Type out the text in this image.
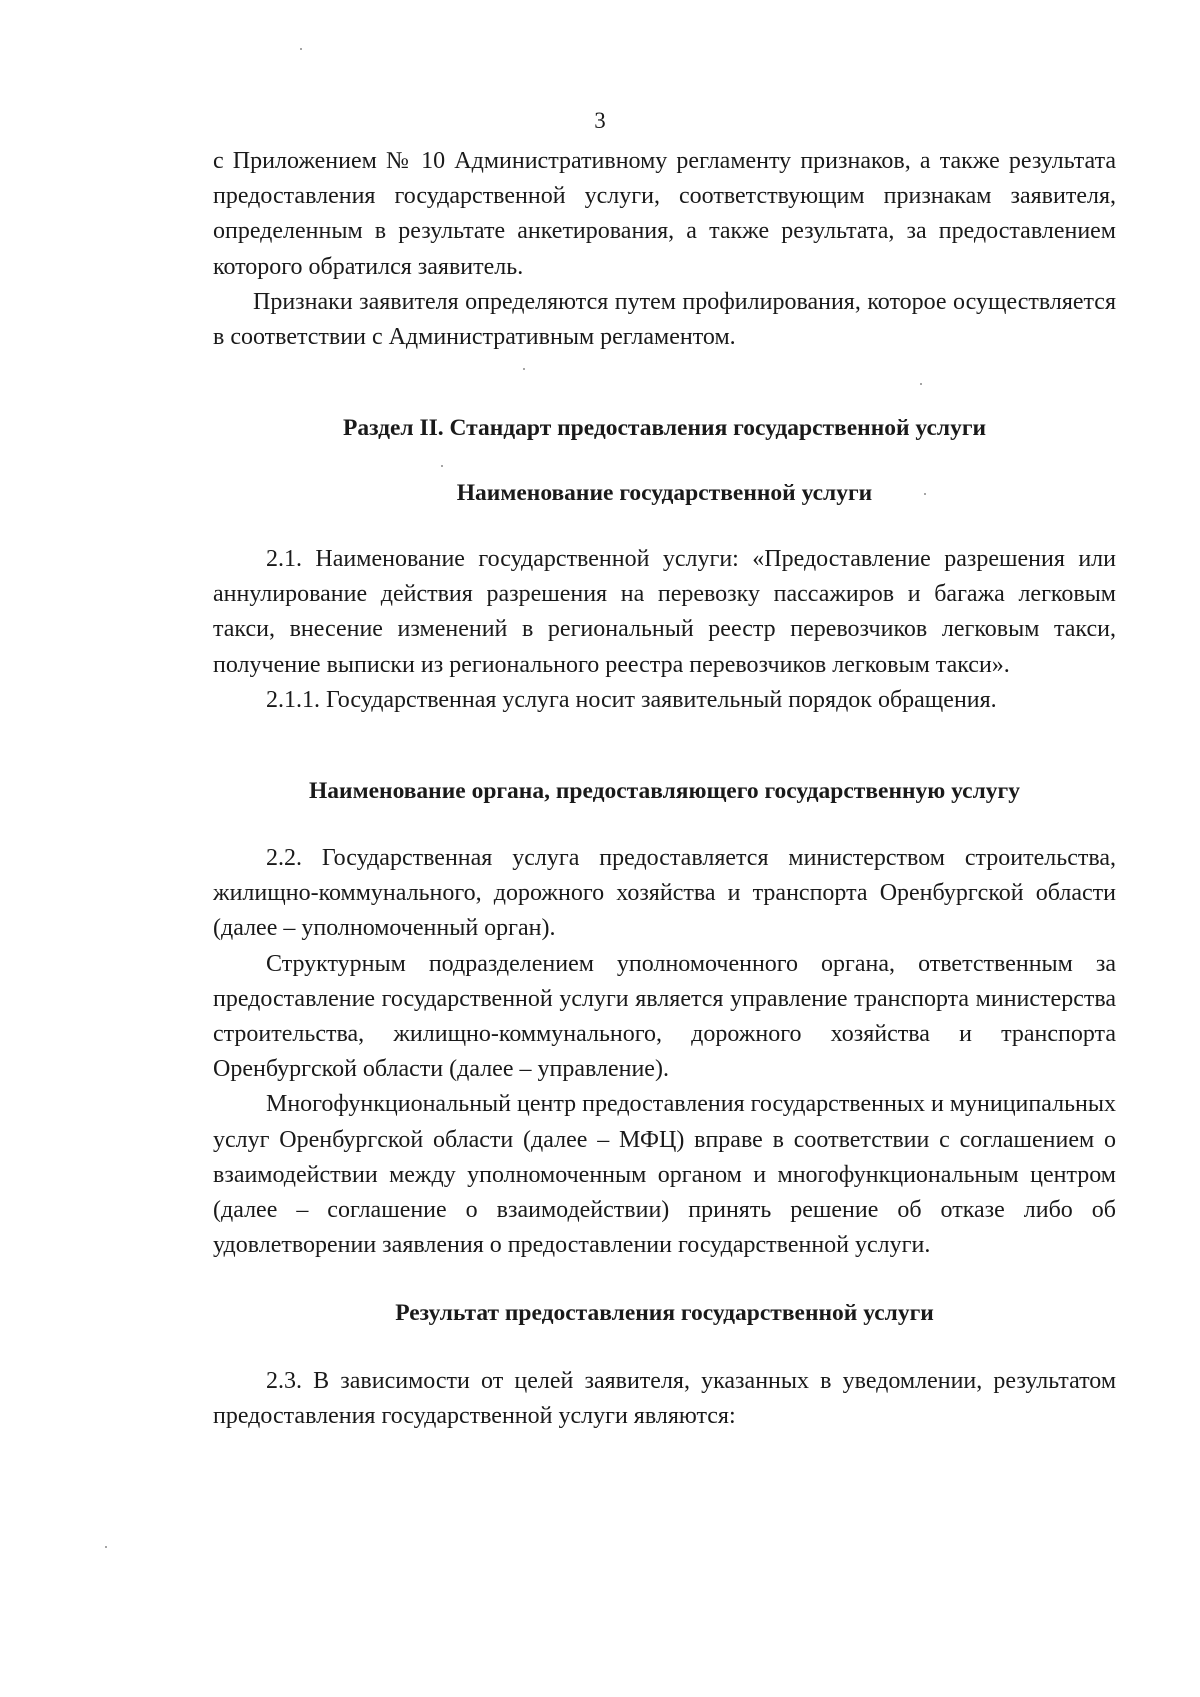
3

с Приложением № 10 Административному регламенту признаков, а также результата предоставления государственной услуги, соответствующим признакам заявителя, определенным в результате анкетирования, а также результата, за предоставлением которого обратился заявитель.

Признаки заявителя определяются путем профилирования, которое осуществляется в соответствии с Административным регламентом.

Раздел II. Стандарт предоставления государственной услуги
Наименование государственной услуги

2.1. Наименование государственной услуги: «Предоставление разрешения или аннулирование действия разрешения на перевозку пассажиров и багажа легковым такси, внесение изменений в региональный реестр перевозчиков легковым такси, получение выписки из регионального реестра перевозчиков легковым такси».

2.1.1. Государственная услуга носит заявительный порядок обращения.

Наименование органа, предоставляющего государственную услугу

2.2. Государственная услуга предоставляется министерством строительства, жилищно-коммунального, дорожного хозяйства и транспорта Оренбургской области (далее – уполномоченный орган).

Структурным подразделением уполномоченного органа, ответственным за предоставление государственной услуги является управление транспорта министерства строительства, жилищно-коммунального, дорожного хозяйства и транспорта Оренбургской области (далее – управление).

Многофункциональный центр предоставления государственных и муниципальных услуг Оренбургской области (далее – МФЦ) вправе в соответствии с соглашением о взаимодействии между уполномоченным органом и многофункциональным центром (далее – соглашение о взаимодействии) принять решение об отказе либо об удовлетворении заявления о предоставлении государственной услуги.

Результат предоставления государственной услуги

2.3. В зависимости от целей заявителя, указанных в уведомлении, результатом предоставления государственной услуги являются:
